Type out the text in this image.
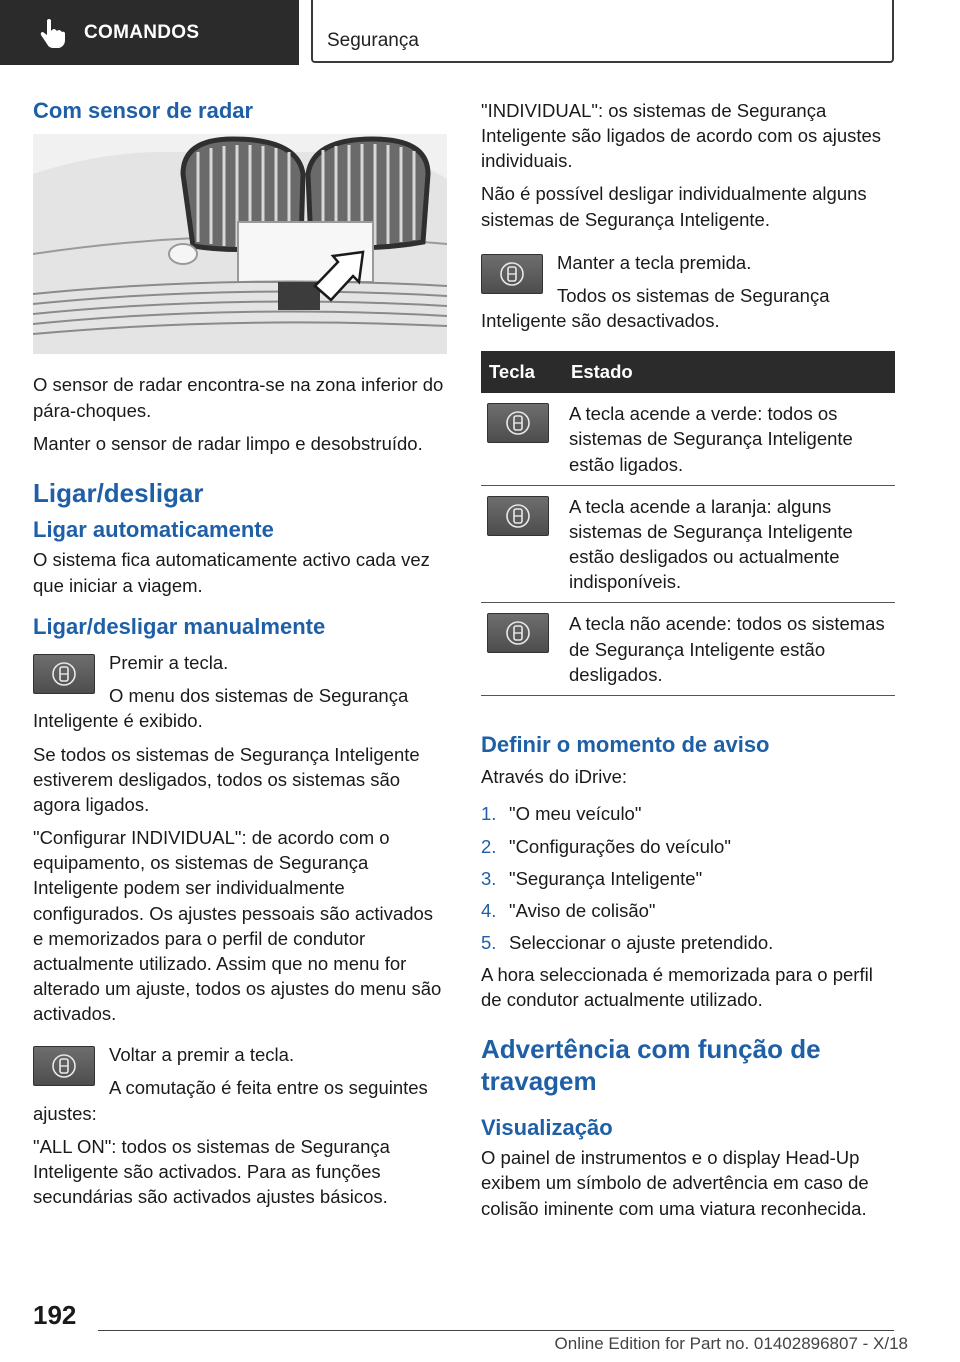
COMANDOS	Segurança
Com sensor de radar

O sensor de radar encontra-se na zona inferior do pára-choques.

Manter o sensor de radar limpo e desobstruído.

Ligar/desligar
Ligar automaticamente

O sistema fica automaticamente activo cada vez que iniciar a viagem.

Ligar/desligar manualmente

Premir a tecla.

O menu dos sistemas de Segurança Inteligente é exibido.

Se todos os sistemas de Segurança Inteligente estiverem desligados, todos os sistemas são agora ligados.

"Configurar INDIVIDUAL": de acordo com o equipamento, os sistemas de Segurança Inteligente podem ser individualmente configurados. Os ajustes pessoais são activados e memorizados para o perfil de condutor actualmente utilizado. Assim que no menu for alterado um ajuste, todos os ajustes do menu são activados.

Voltar a premir a tecla.

A comutação é feita entre os seguintes ajustes:

"ALL ON": todos os sistemas de Segurança Inteligente são activados. Para as funções secundárias são activados ajustes básicos.

"INDIVIDUAL": os sistemas de Segurança Inteligente são ligados de acordo com os ajustes individuais.

Não é possível desligar individualmente alguns sistemas de Segurança Inteligente.

Manter a tecla premida.

Todos os sistemas de Segurança Inteligente são desactivados.

Tecla	Estado

	A tecla acende a verde: todos os sistemas de Segurança Inteligente estão ligados.

	A tecla acende a laranja: alguns sistemas de Segurança Inteligente estão desligados ou actualmente indisponíveis.

	A tecla não acende: todos os sistemas de Segurança Inteligente estão desligados.
Definir o momento de aviso

Através do iDrive:

1. "O meu veículo"
2. "Configurações do veículo"
3. "Segurança Inteligente"
4. "Aviso de colisão"
5. Seleccionar o ajuste pretendido.

A hora seleccionada é memorizada para o perfil de condutor actualmente utilizado.

Advertência com função de travagem
Visualização

O painel de instrumentos e o display Head-Up exibem um símbolo de advertência em caso de colisão iminente com uma viatura reconhecida.

192
Online Edition for Part no. 01402896807 - X/18
